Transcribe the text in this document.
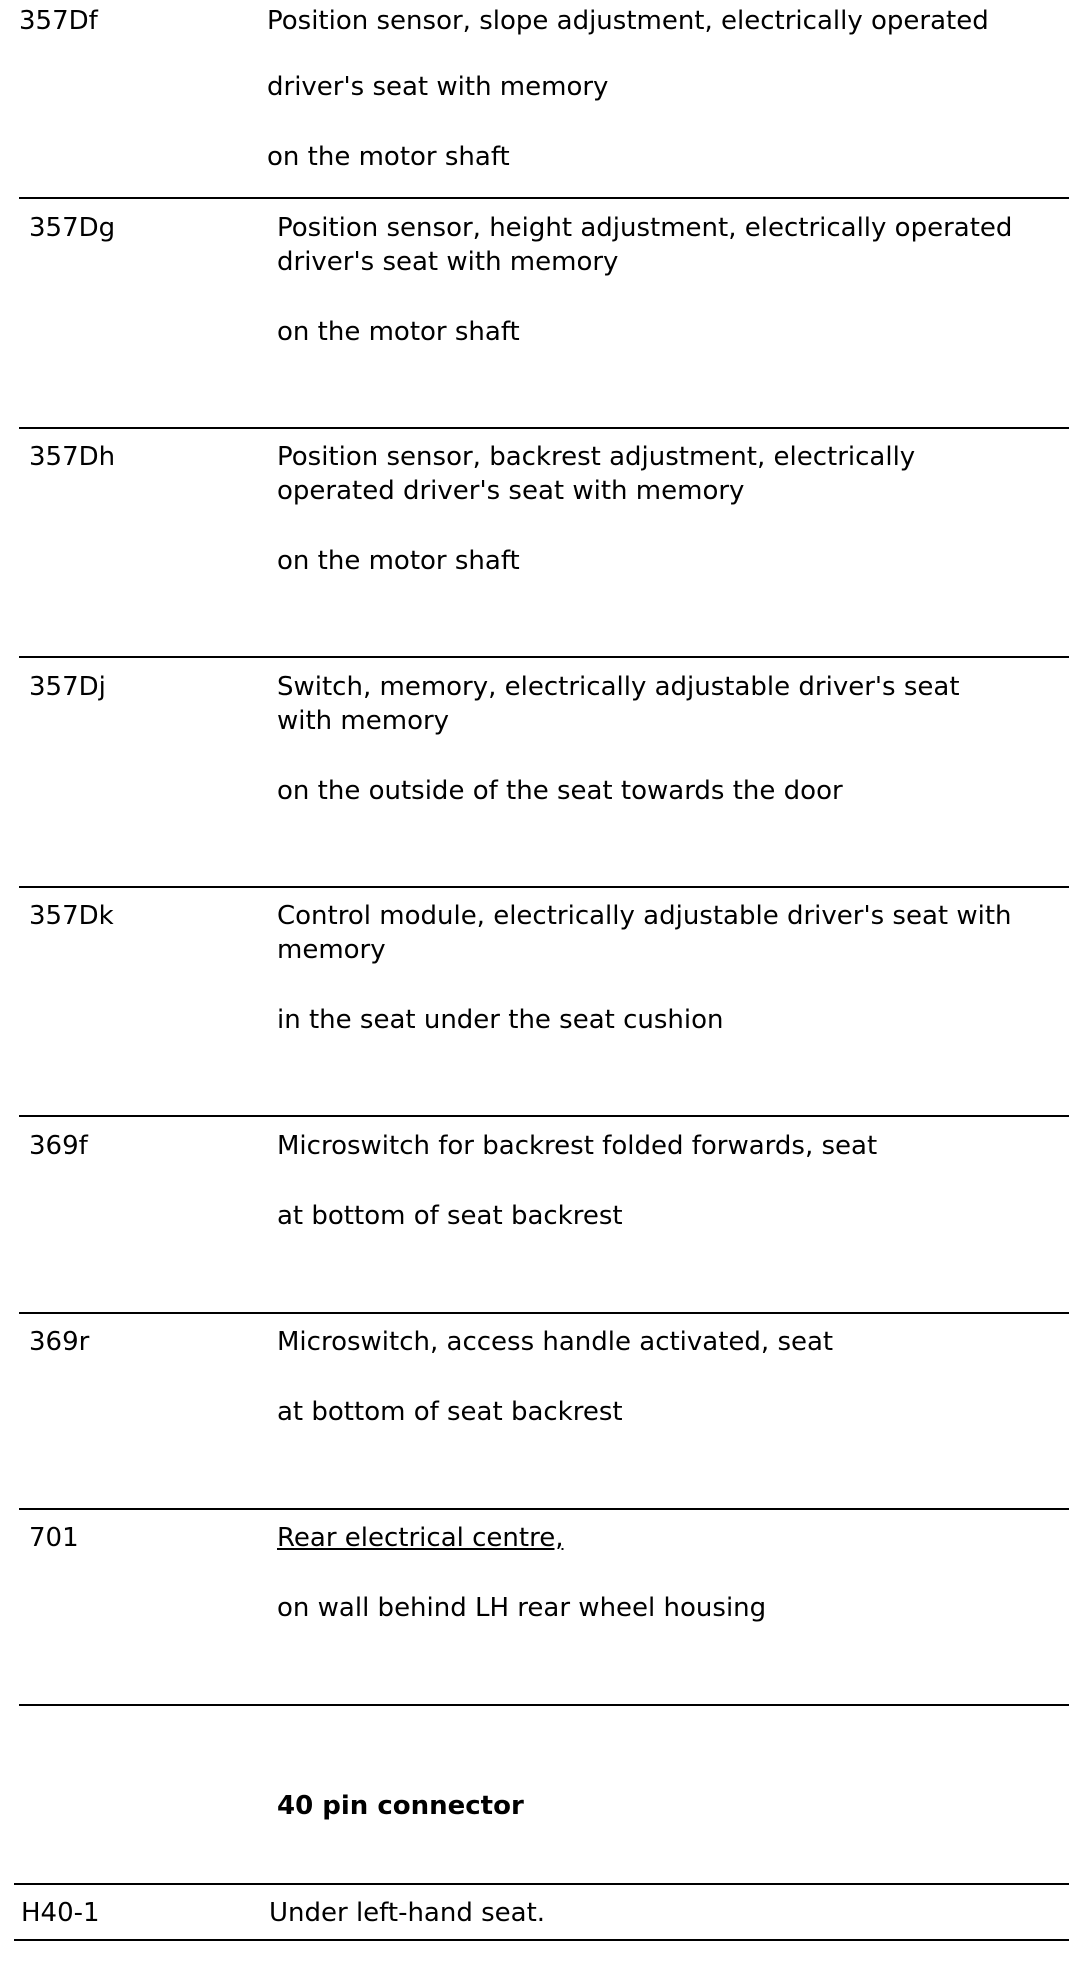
357Df	Position sensor, slope adjustment, electrically operated
driver's seat with memory
on the motor shaft
357Dg	Position sensor, height adjustment, electrically operated
driver's seat with memory
on the motor shaft
357Dh	Position sensor, backrest adjustment, electrically
operated driver's seat with memory
on the motor shaft
357Dj	Switch, memory, electrically adjustable driver's seat
with memory
on the outside of the seat towards the door
357Dk	Control module, electrically adjustable driver's seat with
memory
in the seat under the seat cushion
369f	Microswitch for backrest folded forwards, seat
at bottom of seat backrest
369r	Microswitch, access handle activated, seat
at bottom of seat backrest
701	Rear electrical centre,
on wall behind LH rear wheel housing
40 pin connector
H40-1	Under left-hand seat.
